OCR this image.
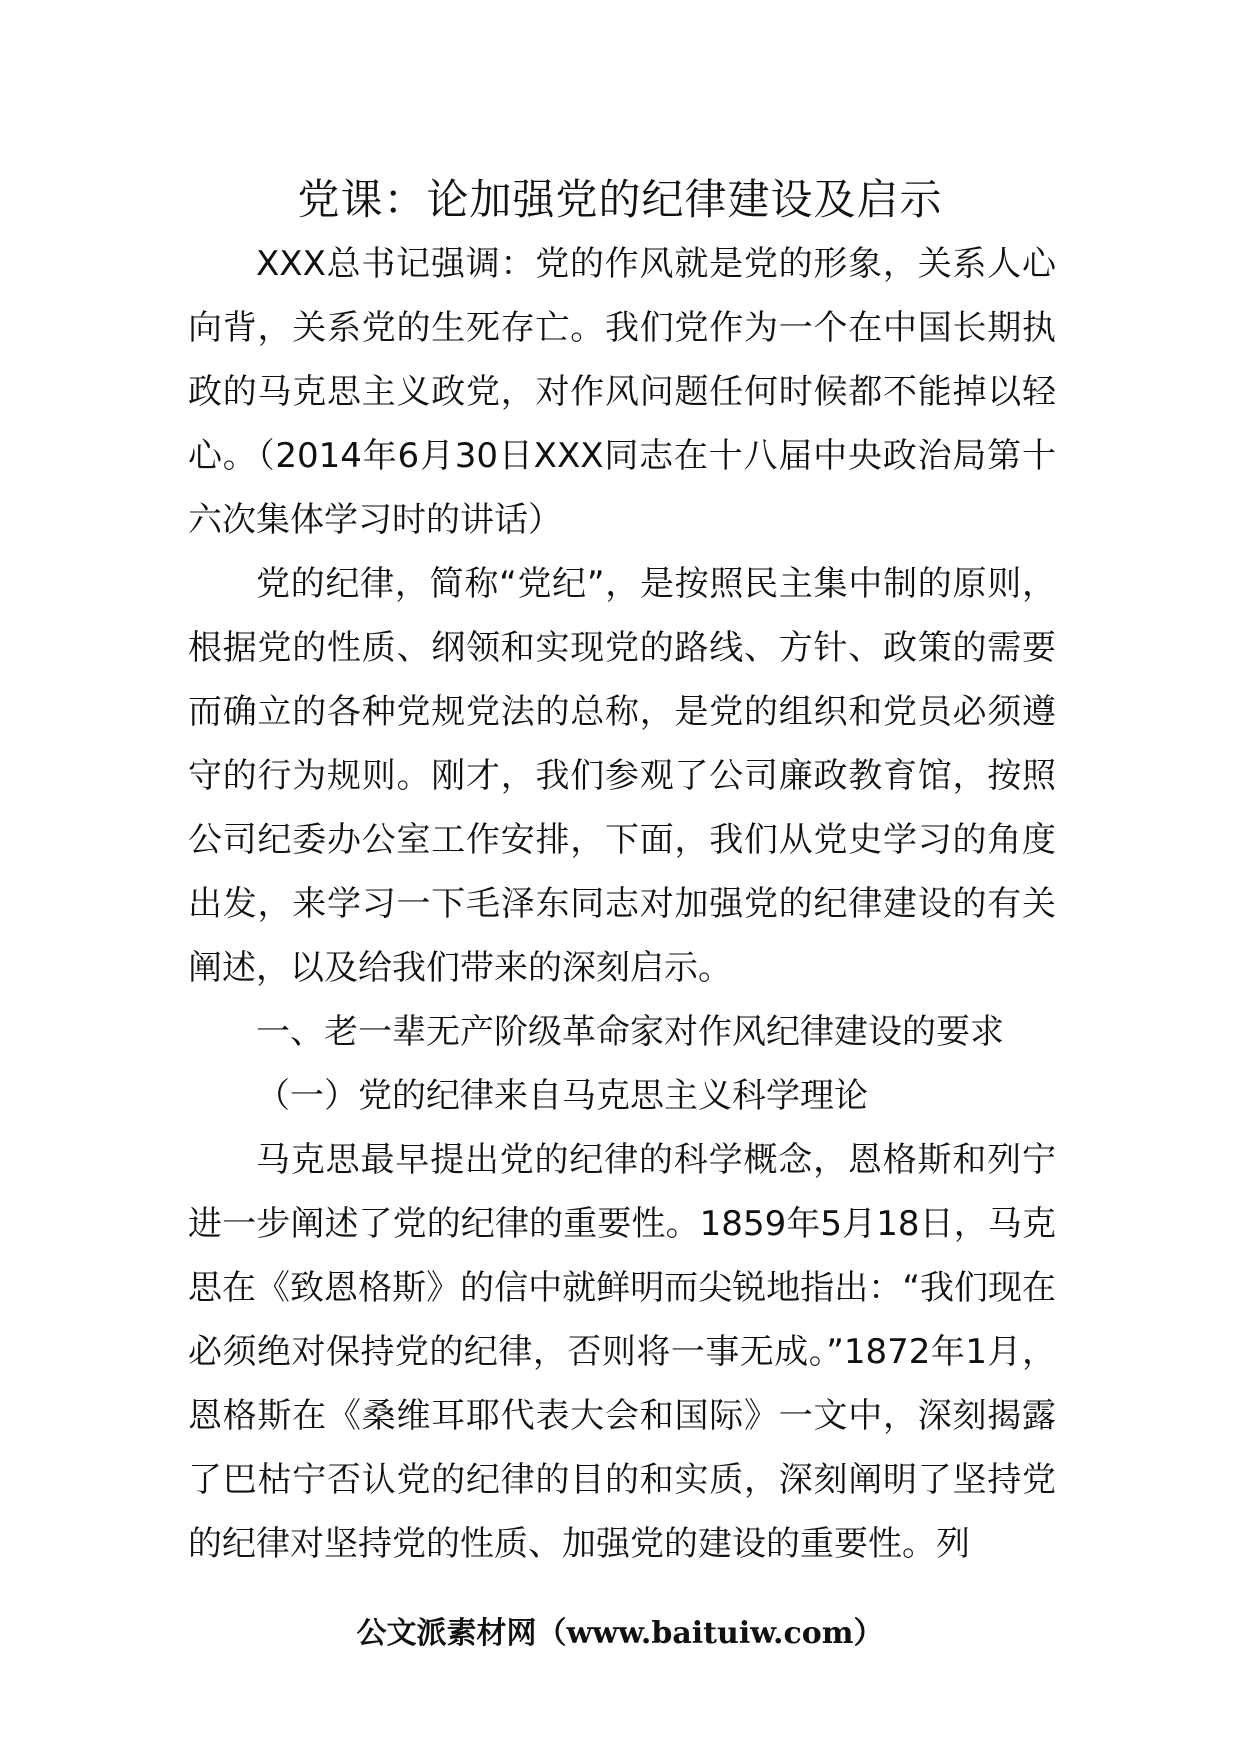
党课：论加强党的纪律建设及启示

XXX总书记强调：党的作风就是党的形象，关系人心向背，关系党的生死存亡。我们党作为一个在中国长期执政的马克思主义政党，对作风问题任何时候都不能掉以轻心。（2014年6月30日XXX同志在十八届中央政治局第十六次集体学习时的讲话）

党的纪律，简称“党纪”，是按照民主集中制的原则，根据党的性质、纲领和实现党的路线、方针、政策的需要而确立的各种党规党法的总称，是党的组织和党员必须遵守的行为规则。刚才，我们参观了公司廉政教育馆，按照公司纪委办公室工作安排，下面，我们从党史学习的角度出发，来学习一下毛泽东同志对加强党的纪律建设的有关阐述，以及给我们带来的深刻启示。

一、老一辈无产阶级革命家对作风纪律建设的要求

（一）党的纪律来自马克思主义科学理论

马克思最早提出党的纪律的科学概念，恩格斯和列宁进一步阐述了党的纪律的重要性。1859年5月18日，马克思在《致恩格斯》的信中就鲜明而尖锐地指出：“我们现在必须绝对保持党的纪律，否则将一事无成。”1872年1月，恩格斯在《桑维耳耶代表大会和国际》一文中，深刻揭露了巴枯宁否认党的纪律的目的和实质，深刻阐明了坚持党的纪律对坚持党的性质、加强党的建设的重要性。列

公文派素材网（www.baituiw.com）
